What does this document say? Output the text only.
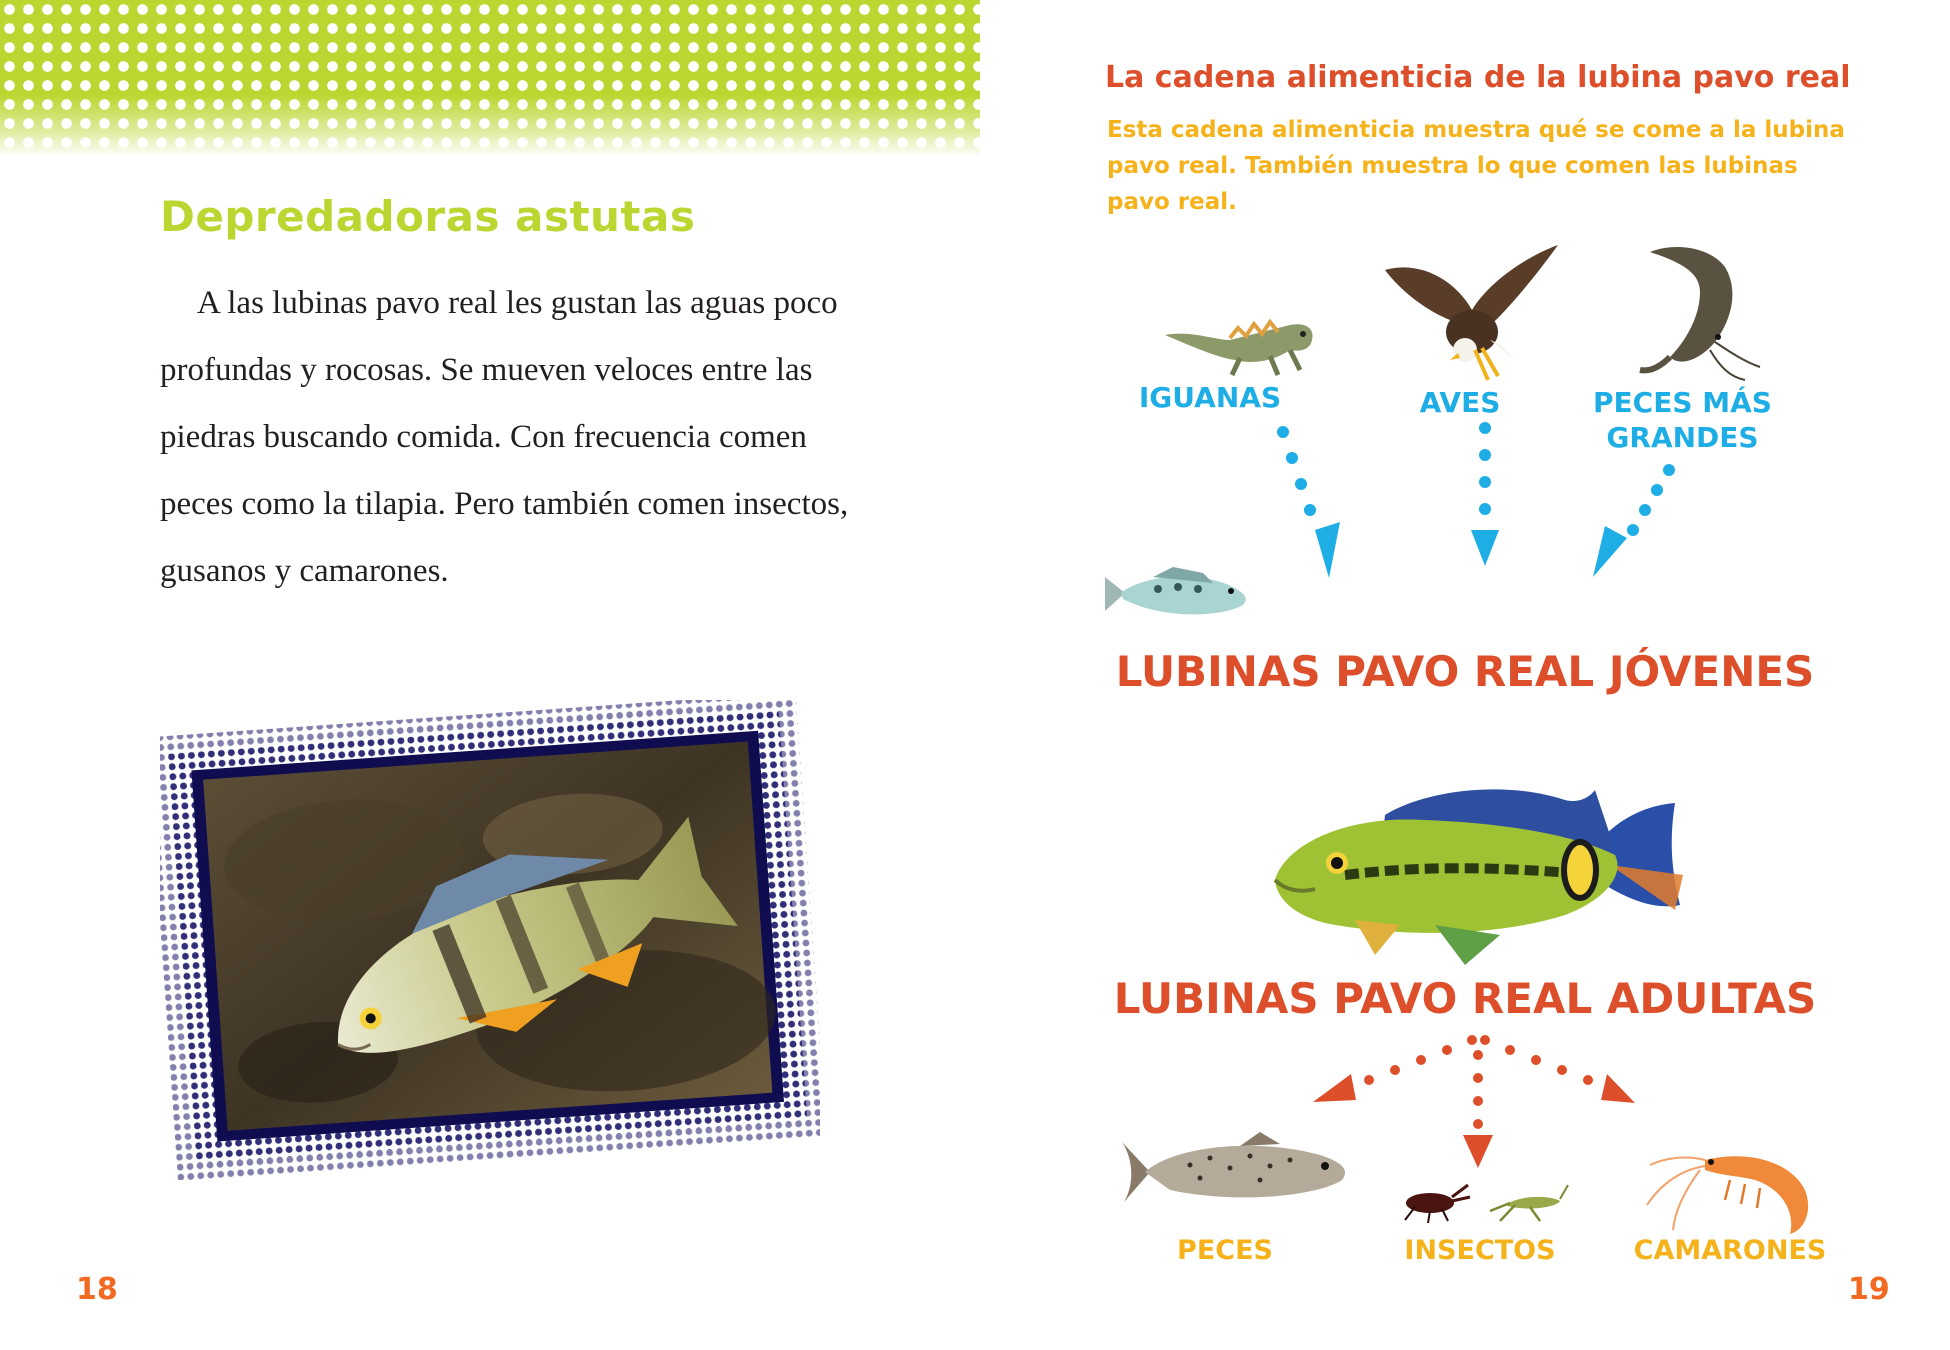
Depredadoras astutas

A las lubinas pavo real les gustan las aguas poco profundas y rocosas. Se mueven veloces entre las piedras buscando comida. Con frecuencia comen peces como la tilapia. Pero también comen insectos, gusanos y camarones.

18
La cadena alimenticia de la lubina pavo real

Esta cadena alimenticia muestra qué se come a la lubina pavo real. También muestra lo que comen las lubinas pavo real.

IGUANAS	AVES	PECES MÁS GRANDES
LUBINAS PAVO REAL JÓVENES
LUBINAS PAVO REAL ADULTAS
PECES	INSECTOS	CAMARONES
19
